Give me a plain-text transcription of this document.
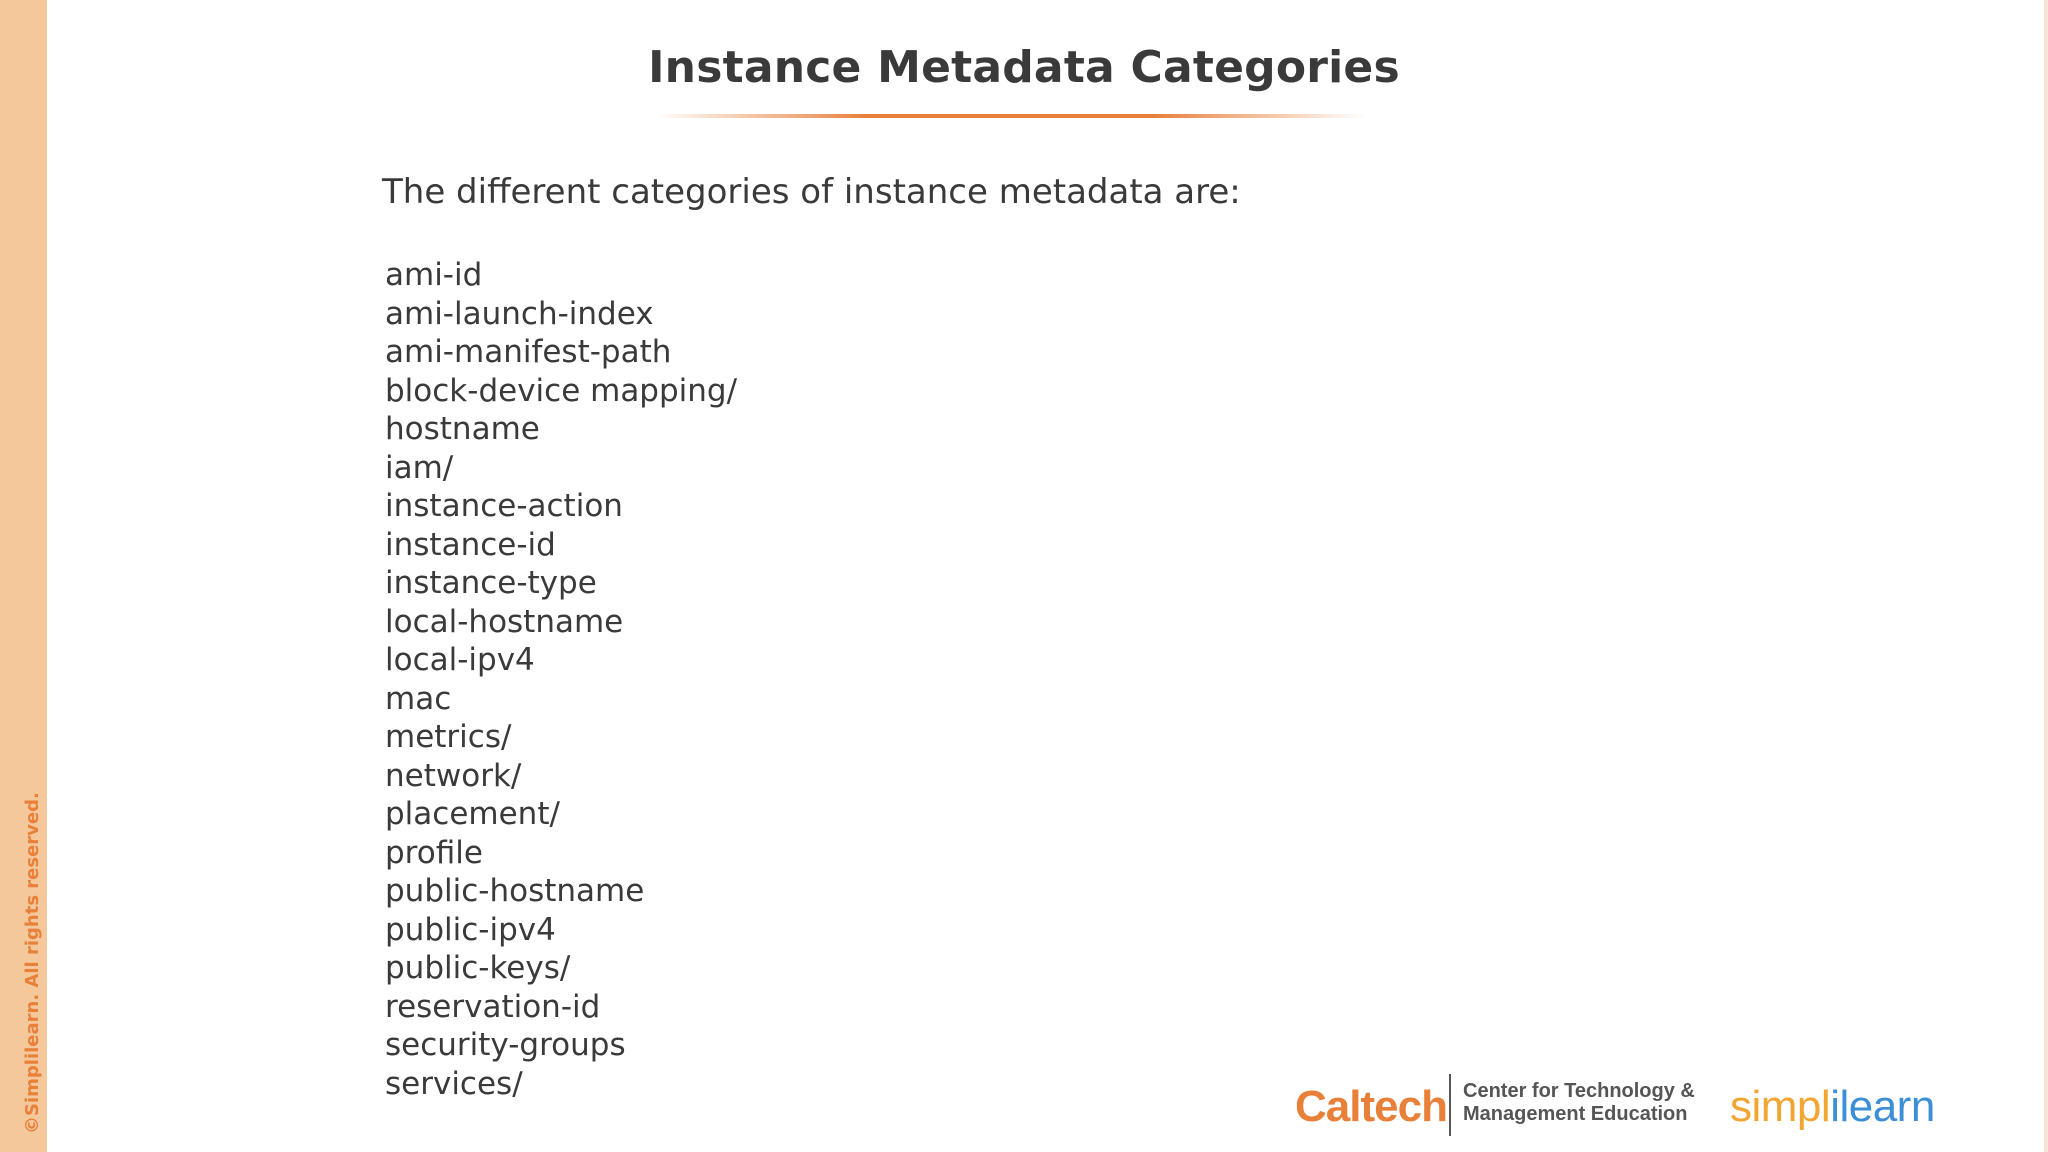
©Simplilearn. All rights reserved.
Instance Metadata Categories
The different categories of instance metadata are:
ami-id
ami-launch-index
ami-manifest-path
block-device mapping/
hostname
iam/
instance-action
instance-id
instance-type
local-hostname
local-ipv4
mac
metrics/
network/
placement/
profile
public-hostname
public-ipv4
public-keys/
reservation-id
security-groups
services/	Caltech Center for Technology &
Management Education simplilearn
